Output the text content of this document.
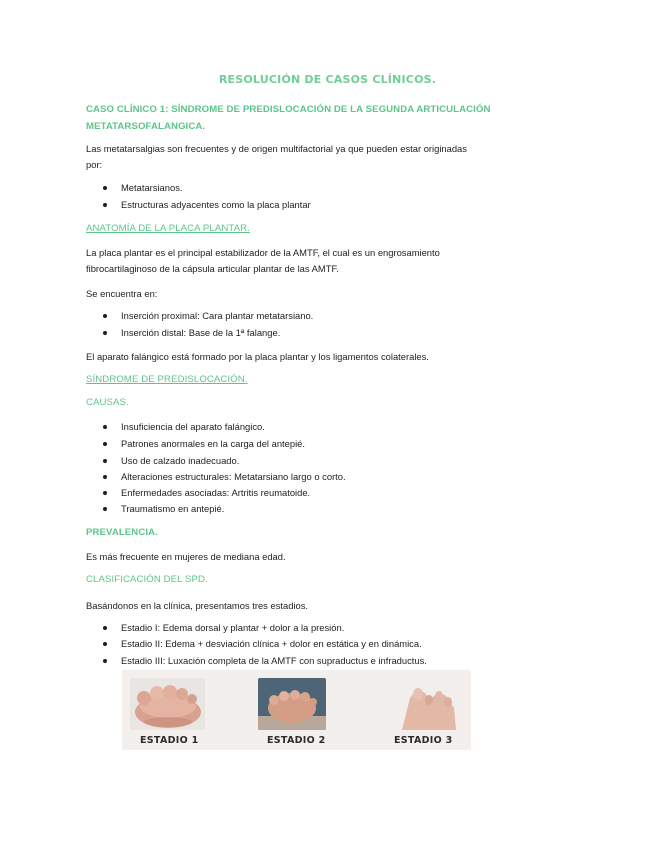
RESOLUCIÓN DE CASOS CLÍNICOS.
CASO CLÍNICO 1: SÍNDROME DE PREDISLOCACIÓN DE LA SEGUNDA ARTICULACIÓN
METATARSOFALANGICA.
Las metatarsalgias son frecuentes y de origen multifactorial ya que pueden estar originadas
por:
Metatarsianos.
Estructuras adyacentes como la placa plantar
ANATOMÍA DE LA PLACA PLANTAR.
La placa plantar es el principal estabilizador de la AMTF, el cual es un engrosamiento
fibrocartilaginoso de la cápsula articular plantar de las AMTF.
Se encuentra en:
Inserción proximal: Cara plantar metatarsiano.
Inserción distal: Base de la 1ª falange.
El aparato falángico está formado por la placa plantar y los ligamentos colaterales.
SÍNDROME DE PREDISLOCACIÓN.
CAUSAS.
Insuficiencia del aparato falángico.
Patrones anormales en la carga del antepié.
Uso de calzado inadecuado.
Alteraciones estructurales: Metatarsiano largo o corto.
Enfermedades asociadas: Artritis reumatoide.
Traumatismo en antepié.
PREVALENCIA.
Es más frecuente en mujeres de mediana edad.
CLASIFICACIÓN DEL SPD.
Basándonos en la clínica, presentamos tres estadios.
Estadio I: Edema dorsal y plantar + dolor a la presión.
Estadio II: Edema + desviación clínica + dolor en estática y en dinámica.
Estadio III: Luxación completa de la AMTF con supraductus e infraductus.
ESTADIO 1	ESTADIO 2	ESTADIO 3
